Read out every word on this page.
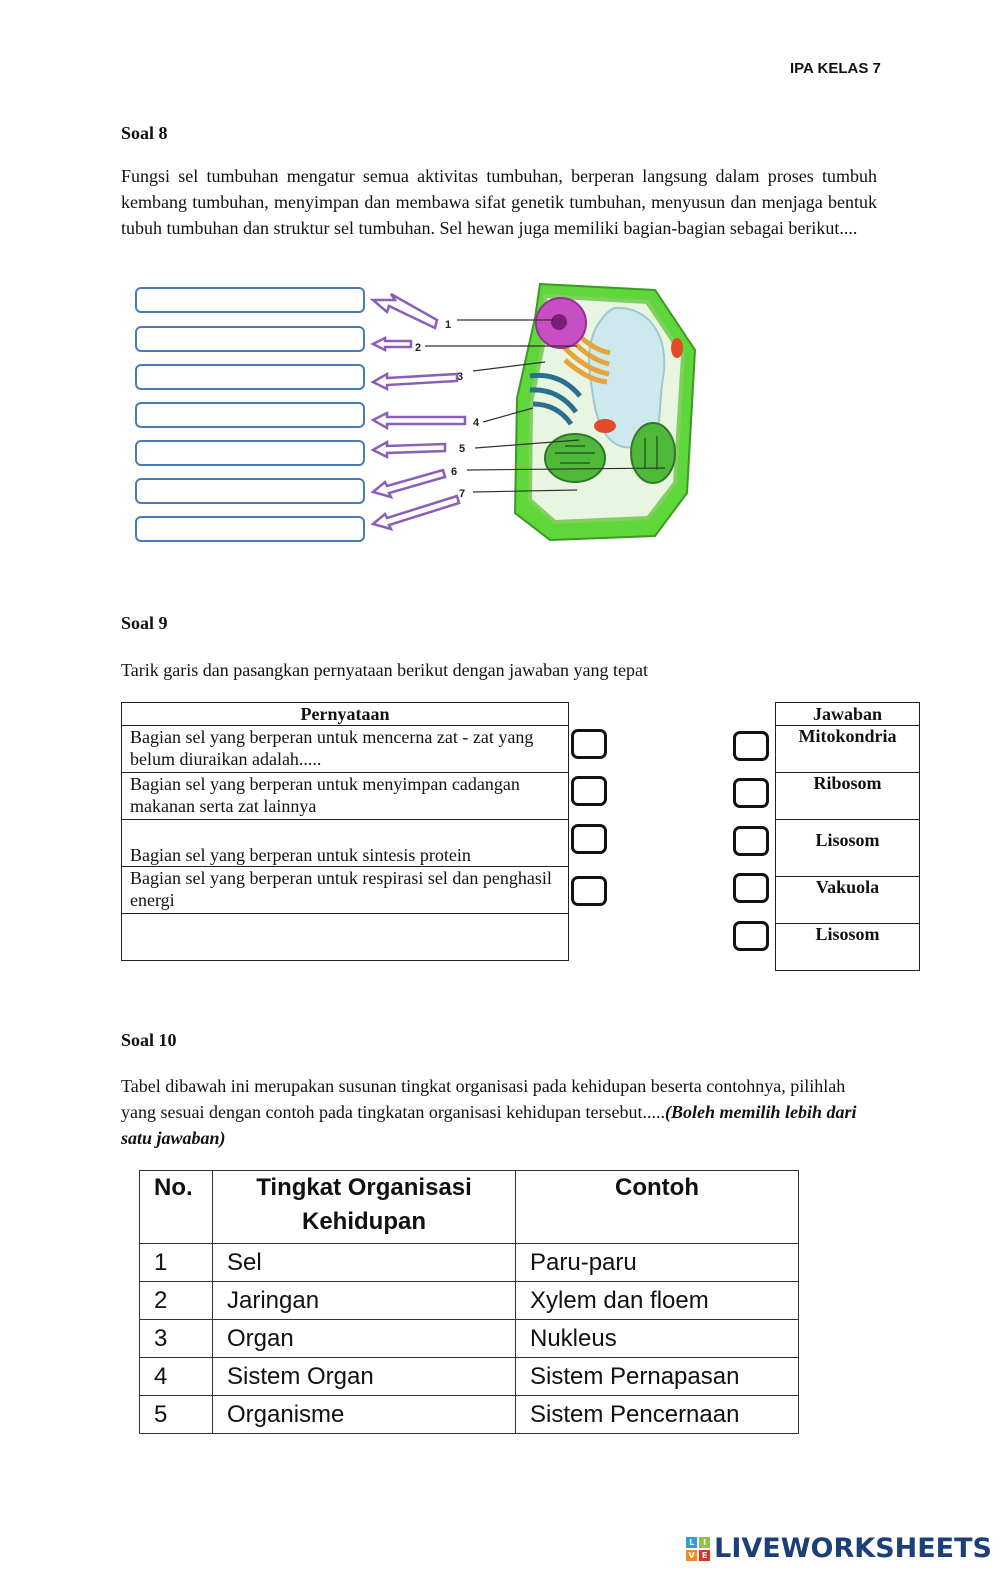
IPA KELAS 7
Soal 8
Fungsi sel tumbuhan mengatur semua aktivitas tumbuhan, berperan langsung dalam proses tumbuh kembang tumbuhan, menyimpan dan membawa sifat genetik tumbuhan, menyusun dan menjaga bentuk tubuh tumbuhan dan struktur sel tumbuhan. Sel hewan juga memiliki bagian-bagian sebagai berikut....
1
2
3
4
5
6
7
Soal 9
Tarik garis dan pasangkan pernyataan berikut dengan jawaban yang tepat
Pernyataan
Bagian sel yang berperan untuk mencerna zat - zat yang belum diuraikan adalah.....
Bagian sel yang berperan untuk menyimpan cadangan makanan serta zat lainnya
Bagian sel yang berperan untuk sintesis protein
Bagian sel yang berperan untuk respirasi sel dan penghasil energi

Jawaban
Mitokondria
Ribosom
Lisosom
Vakuola
Lisosom
Soal 10
Tabel dibawah ini merupakan susunan tingkat organisasi pada kehidupan beserta contohnya, pilihlah yang sesuai dengan contoh pada tingkatan organisasi kehidupan tersebut.....(Boleh memilih lebih dari satu jawaban)
No.	Tingkat Organisasi Kehidupan	Contoh
1	Sel	Paru-paru
2	Jaringan	Xylem dan floem
3	Organ	Nukleus
4	Sistem Organ	Sistem Pernapasan
5	Organisme	Sistem Pencernaan
L	I
V E LIVEWORKSHEETS
